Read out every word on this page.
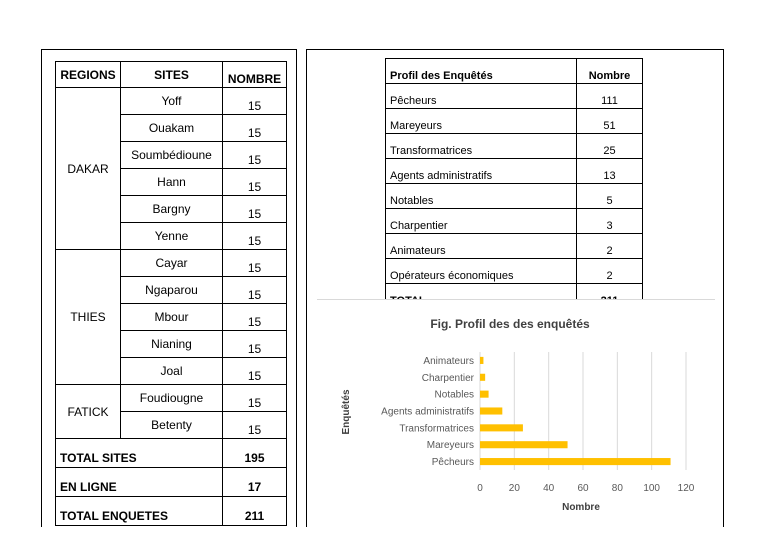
REGIONS	SITES	NOMBRE
DAKAR	Yoff	15
	Ouakam	15
	Soumbédioune	15
	Hann	15
	Bargny	15
	Yenne	15
THIES	Cayar	15
	Ngaparou	15
	Mbour	15
	Nianing	15
	Joal	15
FATICK	Foudiougne	15
	Betenty	15
TOTAL SITES		195
EN LIGNE		17
TOTAL ENQUETES		211
Profil des Enquêtés	Nombre
Pêcheurs	111
Mareyeurs	51
Transformatrices	25
Agents administratifs	13
Notables	5
Charpentier	3
Animateurs	2
Opérateurs économiques	2

Fig. Profil des des enquêtés
Enquêtés
Nombre
0	20 40 60 80 100 120
Animateurs
Charpentier
Notables
Agents administratifs
Transformatrices
Mareyeurs
Pêcheurs
